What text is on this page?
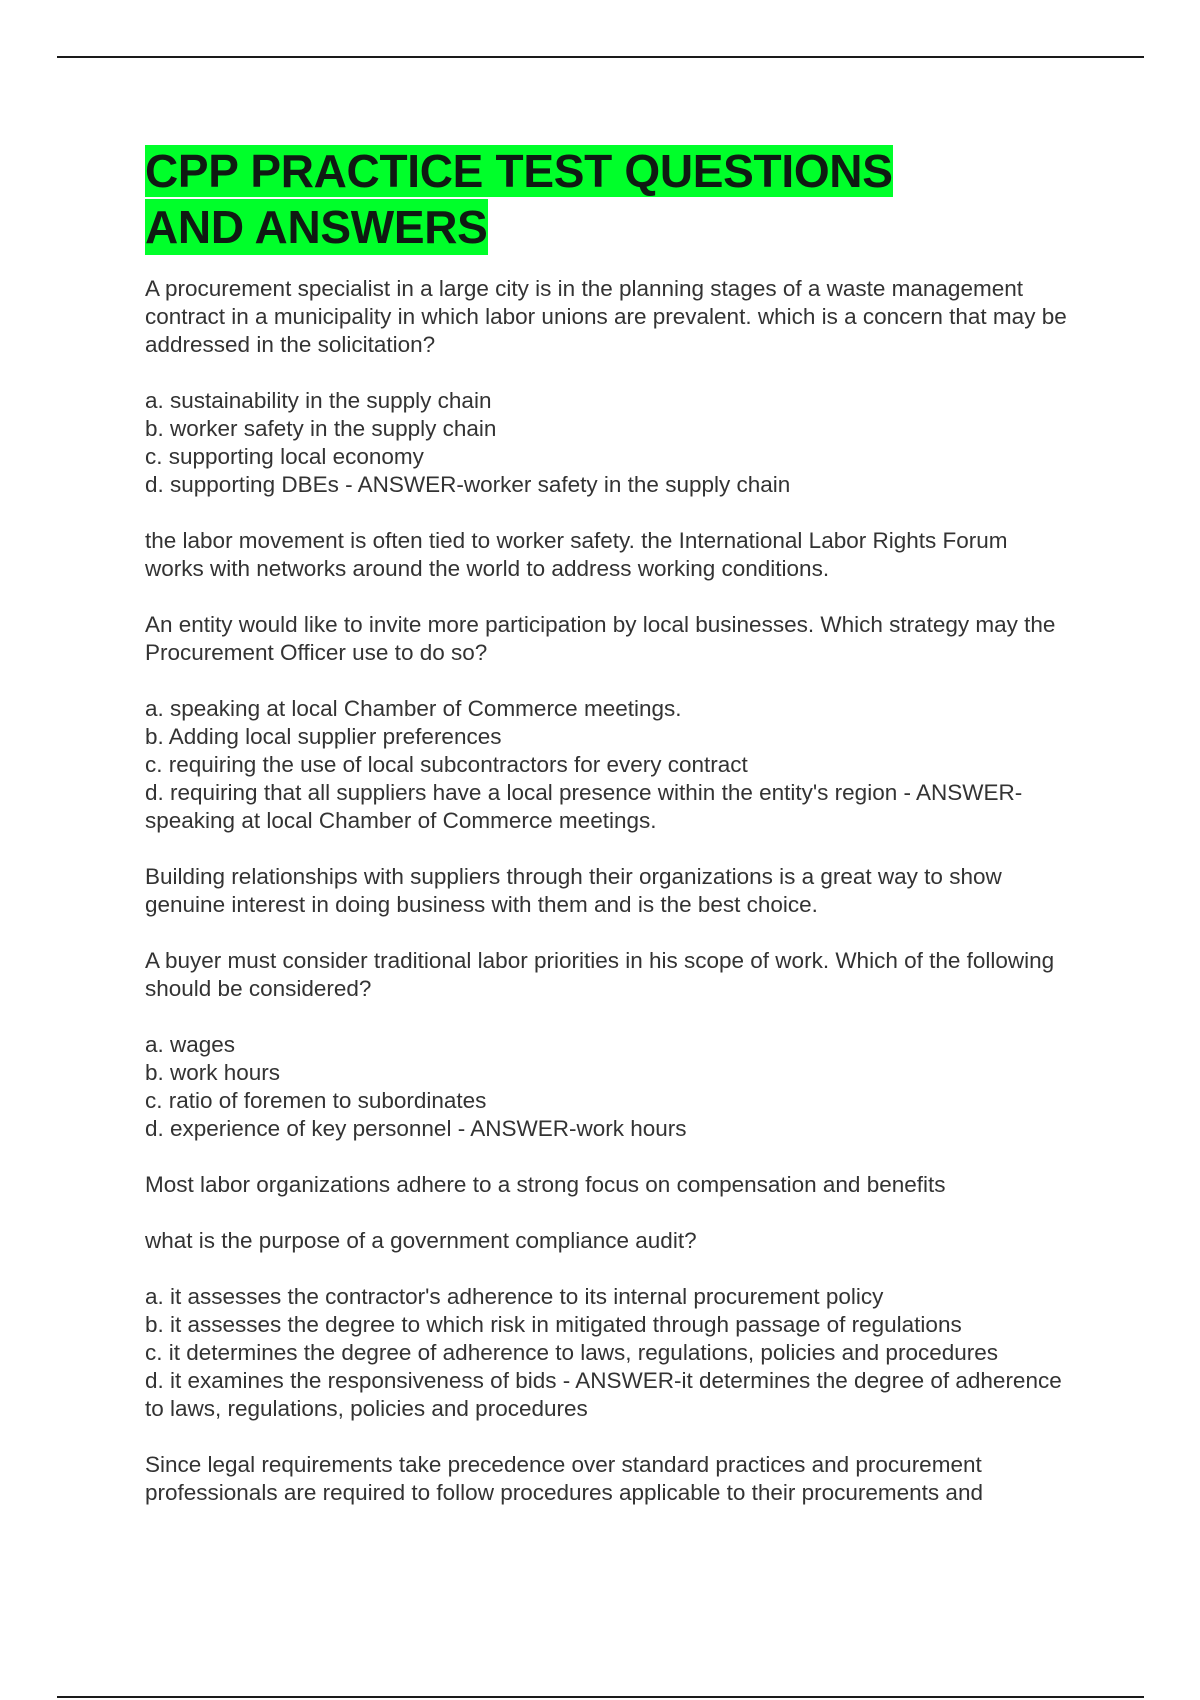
CPP PRACTICE TEST QUESTIONS
AND ANSWERS

A procurement specialist in a large city is in the planning stages of a waste management contract in a municipality in which labor unions are prevalent. which is a concern that may be addressed in the solicitation?

a. sustainability in the supply chain
b. worker safety in the supply chain
c. supporting local economy
d. supporting DBEs - ANSWER-worker safety in the supply chain

the labor movement is often tied to worker safety. the International Labor Rights Forum works with networks around the world to address working conditions.

An entity would like to invite more participation by local businesses. Which strategy may the Procurement Officer use to do so?

a. speaking at local Chamber of Commerce meetings.
b. Adding local supplier preferences
c. requiring the use of local subcontractors for every contract
d. requiring that all suppliers have a local presence within the entity's region - ANSWER-speaking at local Chamber of Commerce meetings.

Building relationships with suppliers through their organizations is a great way to show genuine interest in doing business with them and is the best choice.

A buyer must consider traditional labor priorities in his scope of work. Which of the following should be considered?

a. wages
b. work hours
c. ratio of foremen to subordinates
d. experience of key personnel - ANSWER-work hours

Most labor organizations adhere to a strong focus on compensation and benefits

what is the purpose of a government compliance audit?

a. it assesses the contractor's adherence to its internal procurement policy
b. it assesses the degree to which risk in mitigated through passage of regulations
c. it determines the degree of adherence to laws, regulations, policies and procedures
d. it examines the responsiveness of bids - ANSWER-it determines the degree of adherence to laws, regulations, policies and procedures

Since legal requirements take precedence over standard practices and procurement professionals are required to follow procedures applicable to their procurements and
